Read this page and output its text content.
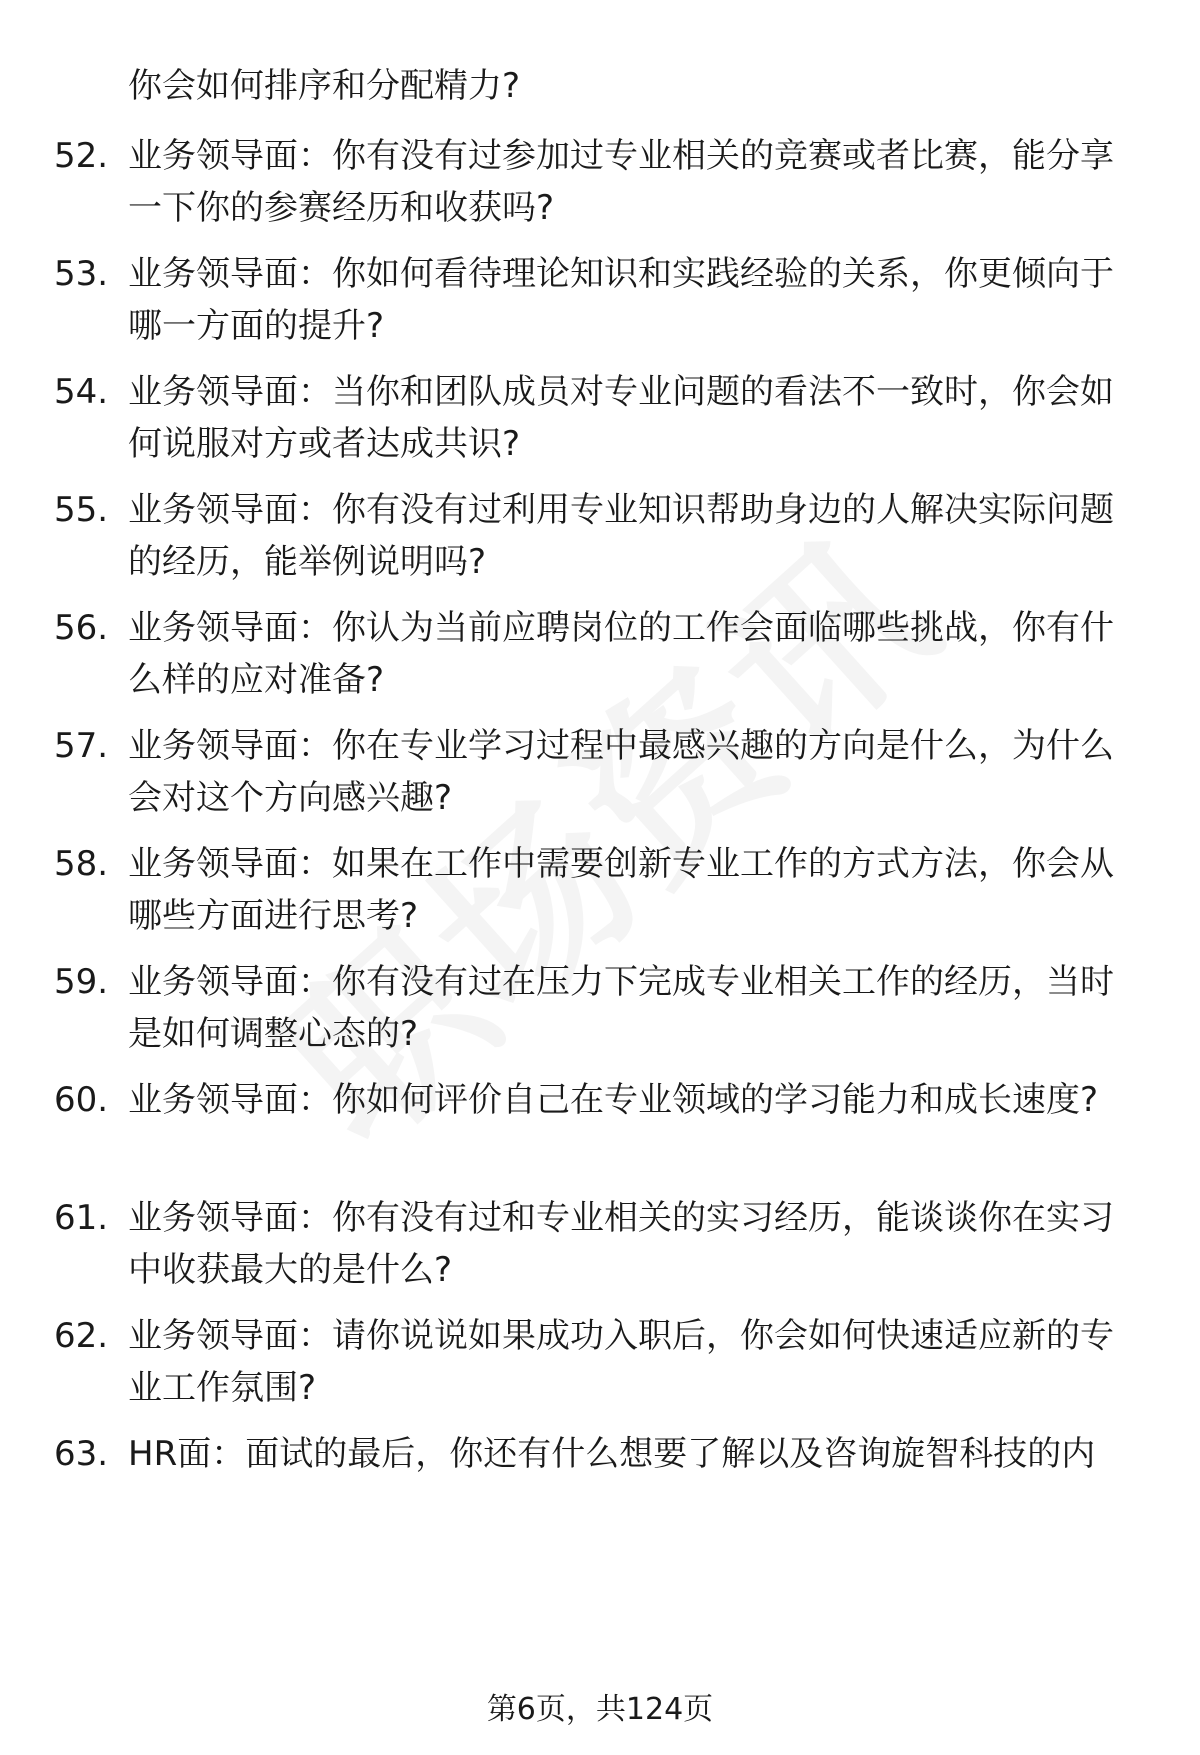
你会如何排序和分配精力?
52. 业务领导面：你有没有过参加过专业相关的竞赛或者比赛，能分享一下你的参赛经历和收获吗?
53. 业务领导面：你如何看待理论知识和实践经验的关系，你更倾向于哪一方面的提升?
54. 业务领导面：当你和团队成员对专业问题的看法不一致时，你会如何说服对方或者达成共识?
55. 业务领导面：你有没有过利用专业知识帮助身边的人解决实际问题的经历，能举例说明吗?
56. 业务领导面：你认为当前应聘岗位的工作会面临哪些挑战，你有什么样的应对准备?
57. 业务领导面：你在专业学习过程中最感兴趣的方向是什么，为什么会对这个方向感兴趣?
58. 业务领导面：如果在工作中需要创新专业工作的方式方法，你会从哪些方面进行思考?
59. 业务领导面：你有没有过在压力下完成专业相关工作的经历，当时是如何调整心态的?
60. 业务领导面：你如何评价自己在专业领域的学习能力和成长速度?
61. 业务领导面：你有没有过和专业相关的实习经历，能谈谈你在实习中收获最大的是什么?
62. 业务领导面：请你说说如果成功入职后，你会如何快速适应新的专业工作氛围?
63. HR面：面试的最后，你还有什么想要了解以及咨询旋智科技的内
第6页，共124页
